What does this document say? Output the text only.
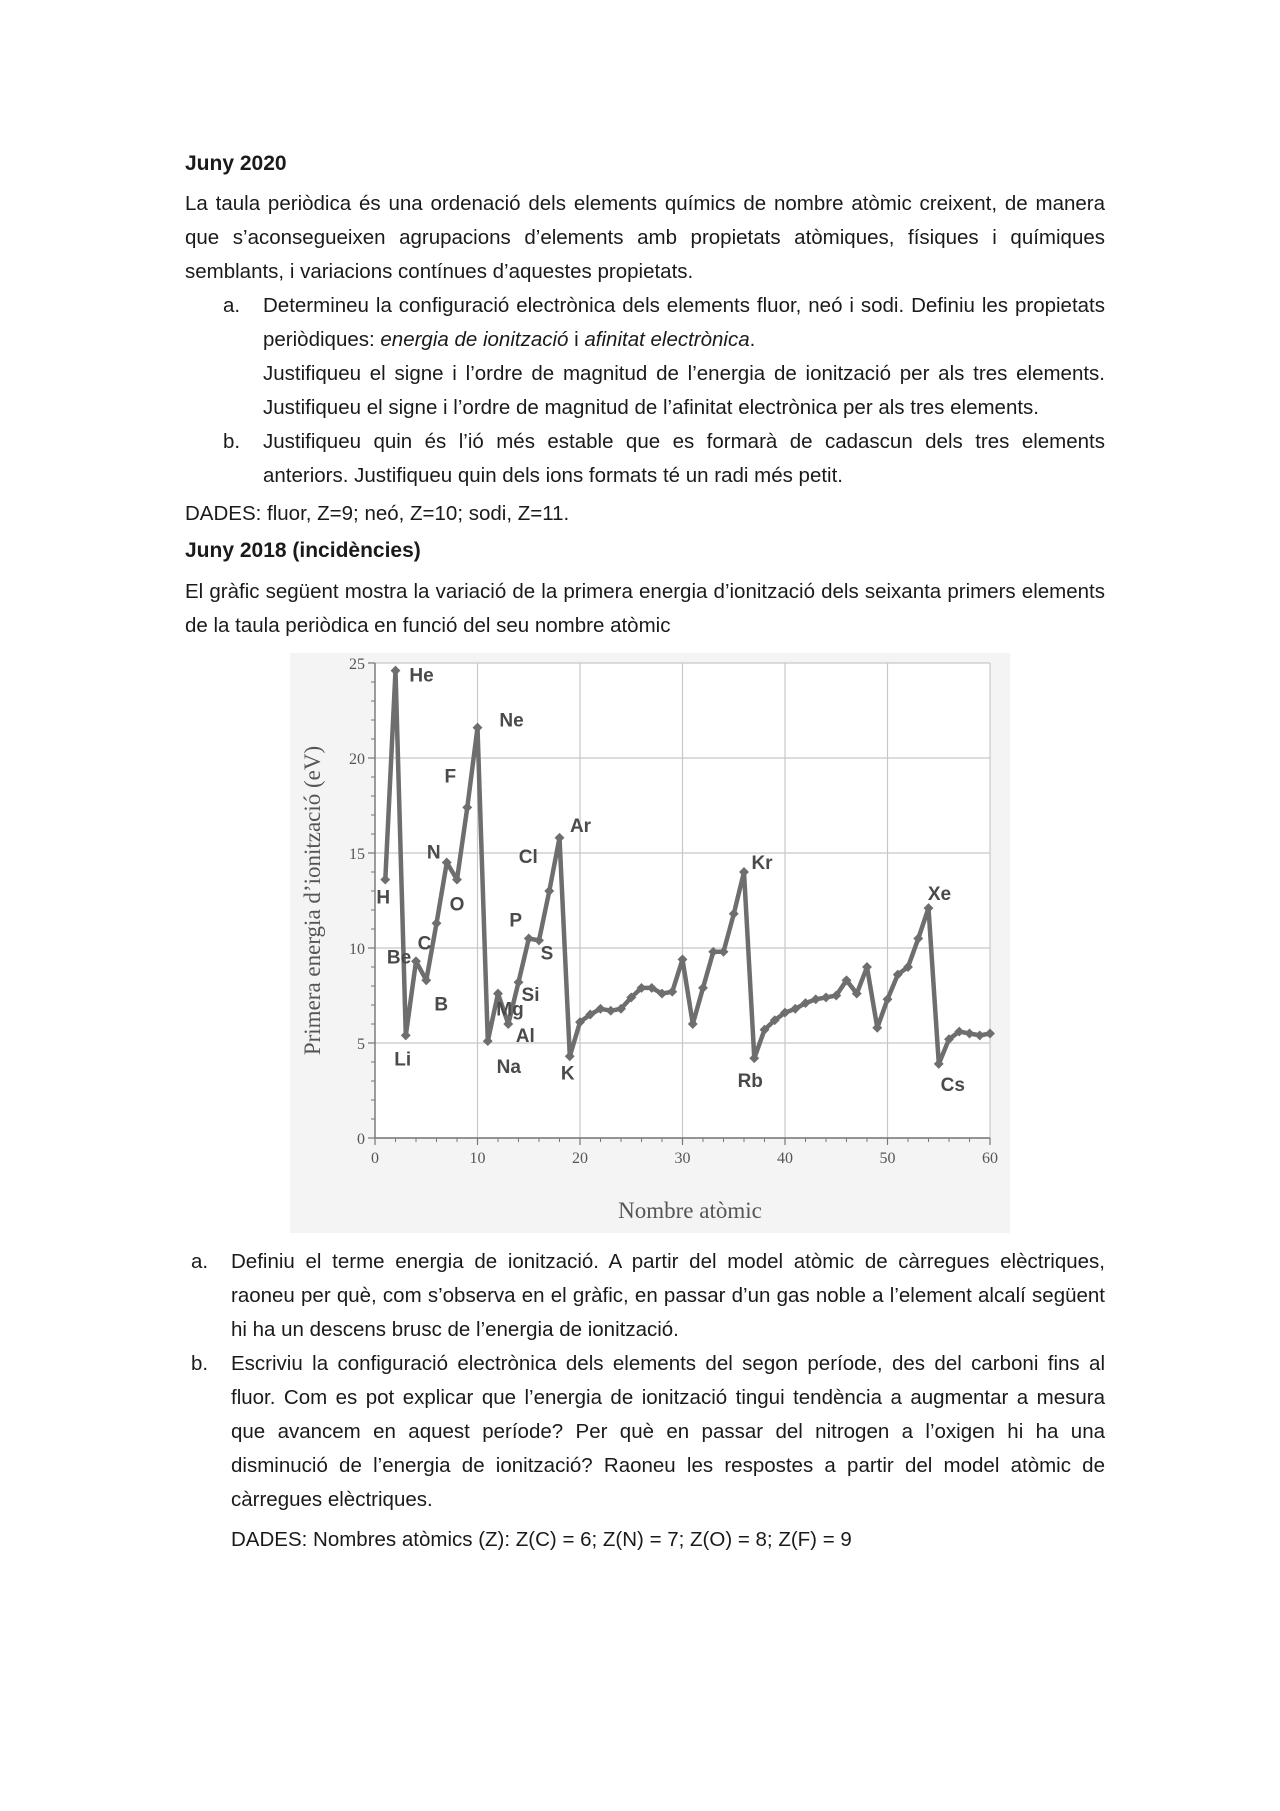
Juny 2020

La taula periòdica és una ordenació dels elements químics de nombre atòmic creixent, de manera que s’aconsegueixen agrupacions d’elements amb propietats atòmiques, físiques i químiques semblants, i variacions contínues d’aquestes propietats.

a. Determineu la configuració electrònica dels elements fluor, neó i sodi. Definiu les propietats periòdiques: energia de ionització i afinitat electrònica.
Justifiqueu el signe i l’ordre de magnitud de l’energia de ionització per als tres elements. Justifiqueu el signe i l’ordre de magnitud de l’afinitat electrònica per als tres elements.
b. Justifiqueu quin és l’ió més estable que es formarà de cadascun dels tres elements anteriors. Justifiqueu quin dels ions formats té un radi més petit.

DADES: fluor, Z=9; neó, Z=10; sodi, Z=11.

Juny 2018 (incidències)

El gràfic següent mostra la variació de la primera energia d’ionització dels seixanta primers elements de la taula periòdica en funció del seu nombre atòmic

0
5
10
15
20
25
0	10	20	30	40	50	60
Nombre atòmic
Primera energia d’ionització (eV)	H
He
Li
Be
B
C
N
O
F
Ne
Na
Mg
Al
Si
P
S
Cl
Ar
K
Kr
Rb
Xe
Cs
a. Definiu el terme energia de ionització. A partir del model atòmic de càrregues elèctriques, raoneu per què, com s’observa en el gràfic, en passar d’un gas noble a l’element alcalí següent hi ha un descens brusc de l’energia de ionització.
b. Escriviu la configuració electrònica dels elements del segon període, des del carboni fins al fluor. Com es pot explicar que l’energia de ionització tingui tendència a augmentar a mesura que avancem en aquest període? Per què en passar del nitrogen a l’oxigen hi ha una disminució de l’energia de ionització? Raoneu les respostes a partir del model atòmic de càrregues elèctriques.

DADES: Nombres atòmics (Z): Z(C) = 6; Z(N) = 7; Z(O) = 8; Z(F) = 9
